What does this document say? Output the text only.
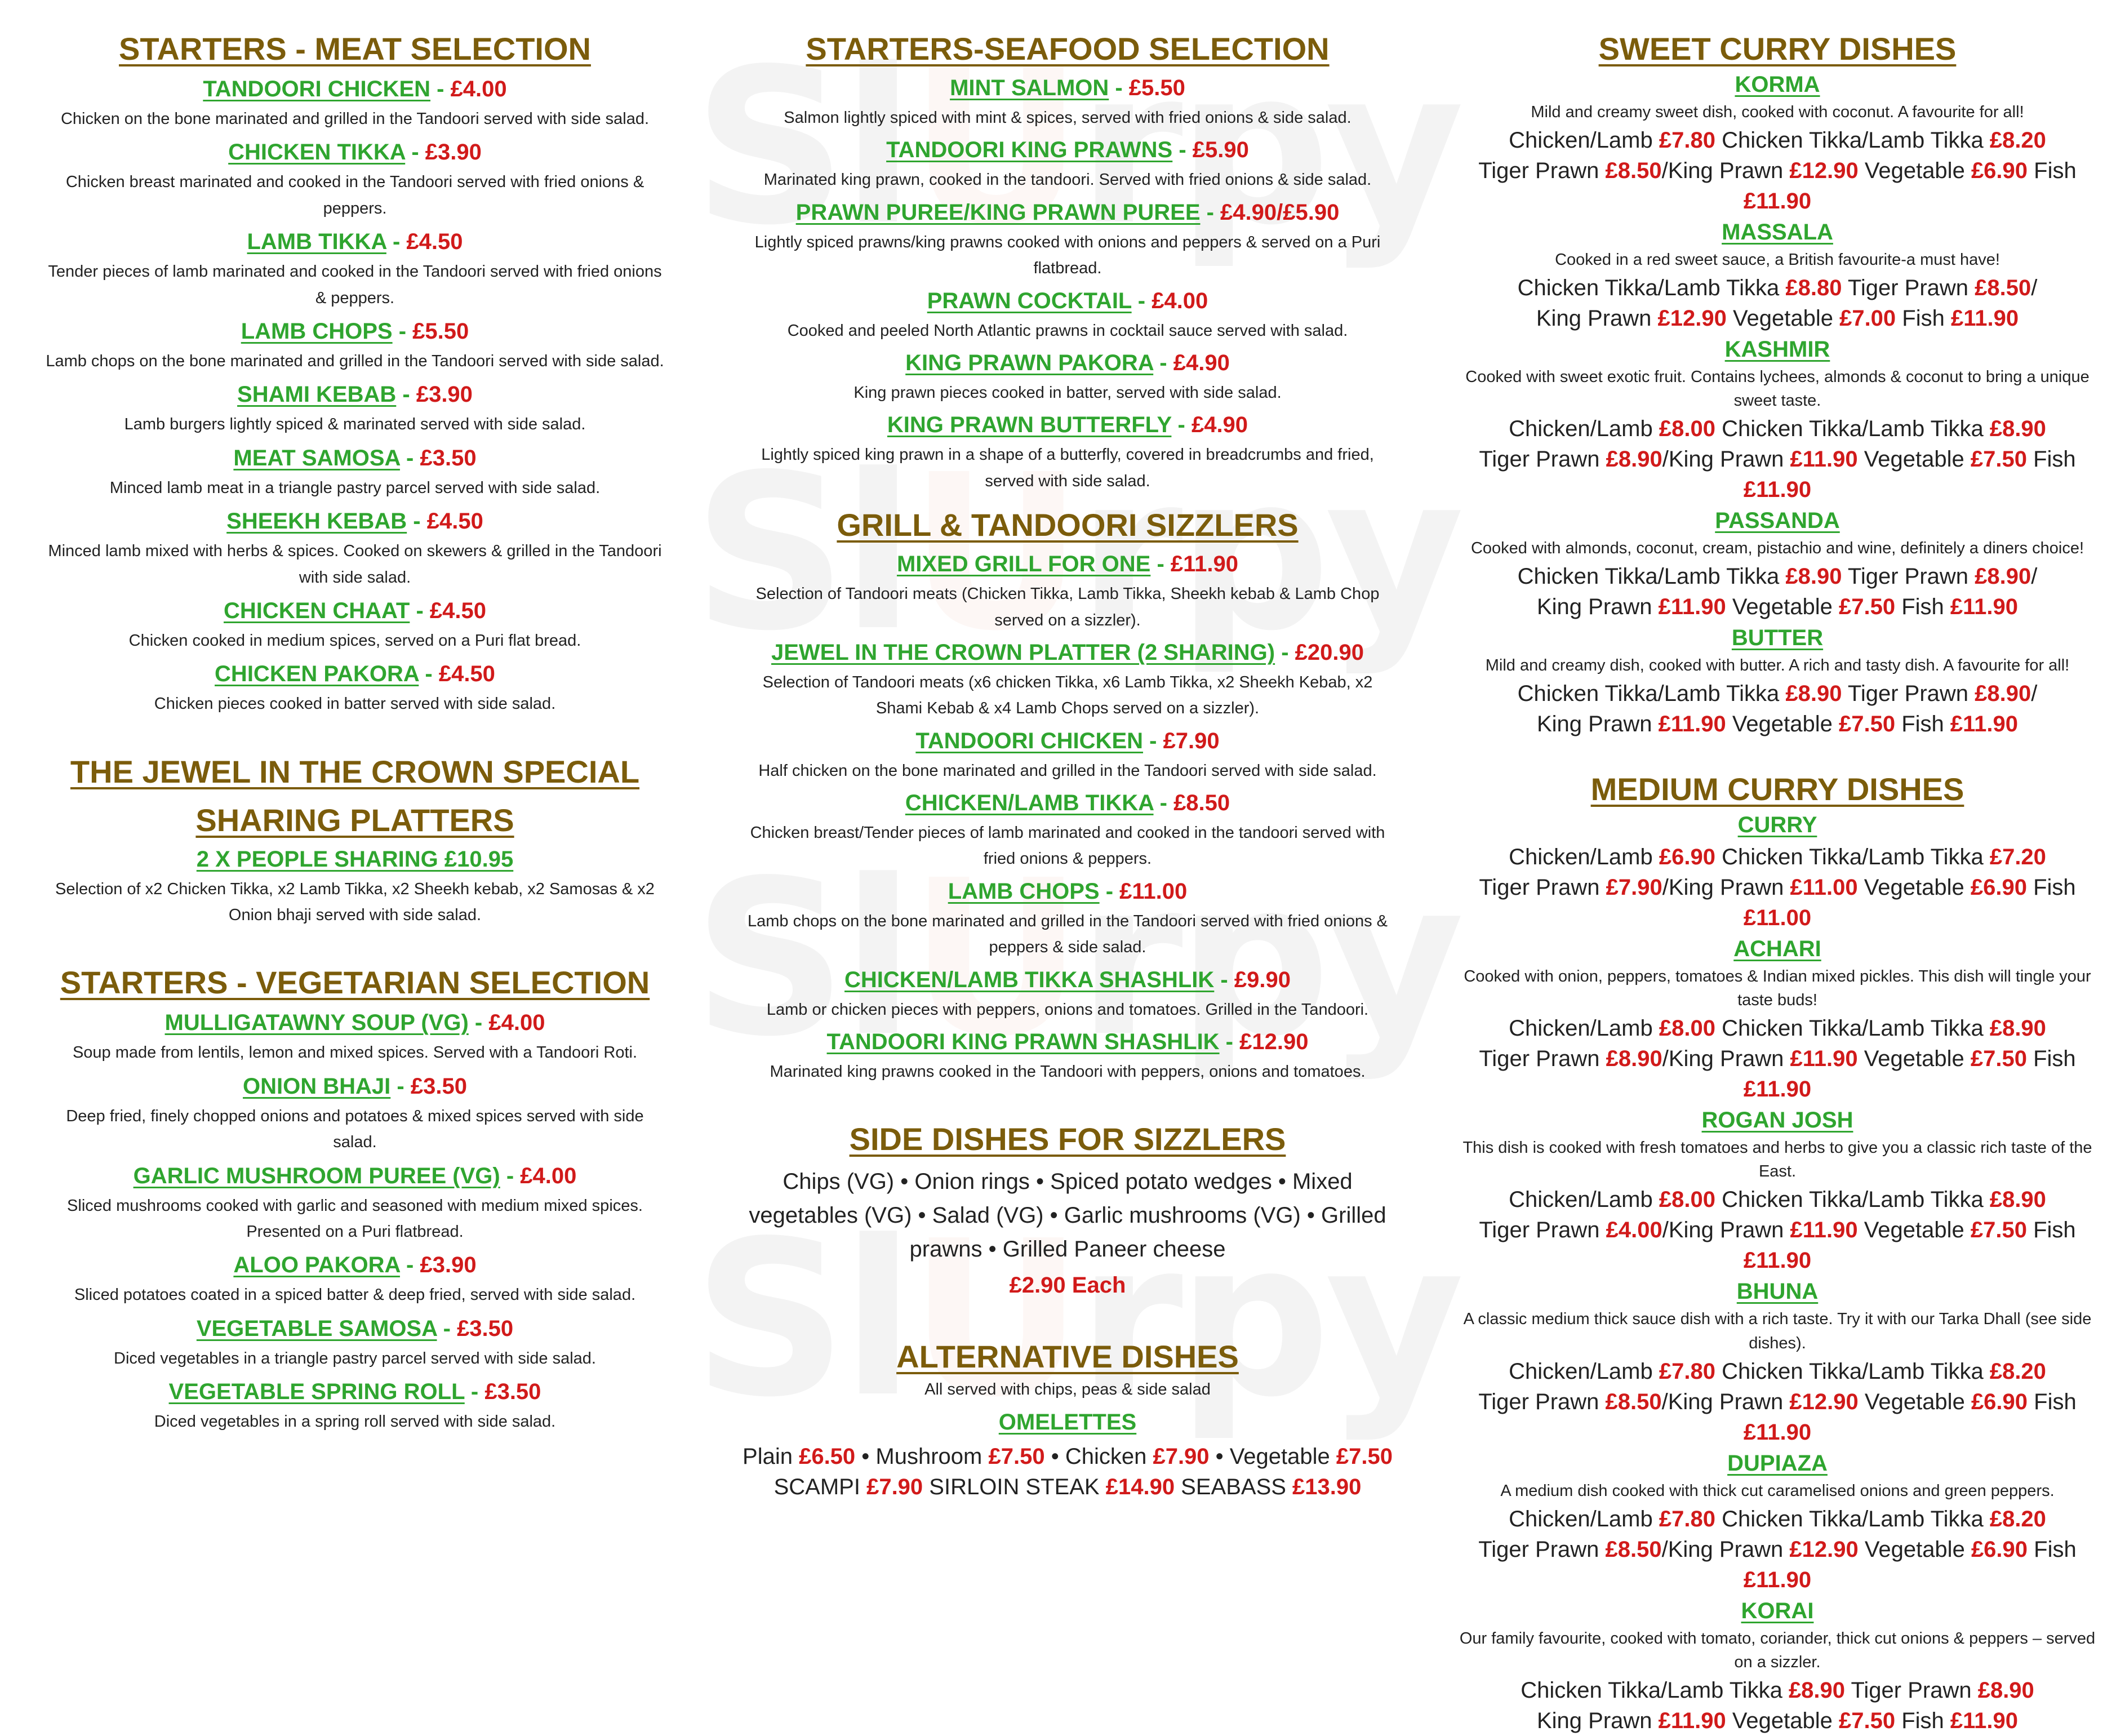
STARTERS - MEAT SELECTION
TANDOORI CHICKEN - £4.00
Chicken on the bone marinated and grilled in the Tandoori served with side salad.
CHICKEN TIKKA - £3.90
Chicken breast marinated and cooked in the Tandoori served with fried onions & peppers.
LAMB TIKKA - £4.50
Tender pieces of lamb marinated and cooked in the Tandoori served with fried onions & peppers.
LAMB CHOPS - £5.50
Lamb chops on the bone marinated and grilled in the Tandoori served with side salad.
SHAMI KEBAB - £3.90
Lamb burgers lightly spiced & marinated served with side salad.
MEAT SAMOSA - £3.50
Minced lamb meat in a triangle pastry parcel served with side salad.
SHEEKH KEBAB - £4.50
Minced lamb mixed with herbs & spices. Cooked on skewers & grilled in the Tandoori with side salad.
CHICKEN CHAAT - £4.50
Chicken cooked in medium spices, served on a Puri flat bread.
CHICKEN PAKORA - £4.50
Chicken pieces cooked in batter served with side salad.
THE JEWEL IN THE CROWN SPECIAL
SHARING PLATTERS
2 X PEOPLE SHARING £10.95
Selection of x2 Chicken Tikka, x2 Lamb Tikka, x2 Sheekh kebab, x2 Samosas & x2 Onion bhaji served with side salad.
STARTERS - VEGETARIAN SELECTION
MULLIGATAWNY SOUP (VG) - £4.00
Soup made from lentils, lemon and mixed spices. Served with a Tandoori Roti.
ONION BHAJI - £3.50
Deep fried, finely chopped onions and potatoes & mixed spices served with side salad.
GARLIC MUSHROOM PUREE (VG) - £4.00
Sliced mushrooms cooked with garlic and seasoned with medium mixed spices. Presented on a Puri flatbread.
ALOO PAKORA - £3.90
Sliced potatoes coated in a spiced batter & deep fried, served with side salad.
VEGETABLE SAMOSA - £3.50
Diced vegetables in a triangle pastry parcel served with side salad.
VEGETABLE SPRING ROLL - £3.50
Diced vegetables in a spring roll served with side salad.
STARTERS-SEAFOOD SELECTION
MINT SALMON - £5.50
Salmon lightly spiced with mint & spices, served with fried onions & side salad.
TANDOORI KING PRAWNS - £5.90
Marinated king prawn, cooked in the tandoori. Served with fried onions & side salad.
PRAWN PUREE/KING PRAWN PUREE - £4.90/£5.90
Lightly spiced prawns/king prawns cooked with onions and peppers & served on a Puri flatbread.
PRAWN COCKTAIL - £4.00
Cooked and peeled North Atlantic prawns in cocktail sauce served with salad.
KING PRAWN PAKORA - £4.90
King prawn pieces cooked in batter, served with side salad.
KING PRAWN BUTTERFLY - £4.90
Lightly spiced king prawn in a shape of a butterfly, covered in breadcrumbs and fried, served with side salad.
GRILL & TANDOORI SIZZLERS
MIXED GRILL FOR ONE - £11.90
Selection of Tandoori meats (Chicken Tikka, Lamb Tikka, Sheekh kebab & Lamb Chop served on a sizzler).
JEWEL IN THE CROWN PLATTER (2 SHARING) - £20.90
Selection of Tandoori meats (x6 chicken Tikka, x6 Lamb Tikka, x2 Sheekh Kebab, x2 Shami Kebab & x4 Lamb Chops served on a sizzler).
TANDOORI CHICKEN - £7.90
Half chicken on the bone marinated and grilled in the Tandoori served with side salad.
CHICKEN/LAMB TIKKA - £8.50
Chicken breast/Tender pieces of lamb marinated and cooked in the tandoori served with fried onions & peppers.
LAMB CHOPS - £11.00
Lamb chops on the bone marinated and grilled in the Tandoori served with fried onions & peppers & side salad.
CHICKEN/LAMB TIKKA SHASHLIK - £9.90
Lamb or chicken pieces with peppers, onions and tomatoes. Grilled in the Tandoori.
TANDOORI KING PRAWN SHASHLIK - £12.90
Marinated king prawns cooked in the Tandoori with peppers, onions and tomatoes.
SIDE DISHES FOR SIZZLERS
Chips (VG) • Onion rings • Spiced potato wedges • Mixed vegetables (VG) • Salad (VG) • Garlic mushrooms (VG) • Grilled prawns • Grilled Paneer cheese
£2.90 Each
ALTERNATIVE DISHES
All served with chips, peas & side salad
OMELETTES
Plain £6.50 • Mushroom £7.50 • Chicken £7.90 • Vegetable £7.50
SCAMPI £7.90 SIRLOIN STEAK £14.90 SEABASS £13.90
SWEET CURRY DISHES
KORMA
Mild and creamy sweet dish, cooked with coconut. A favourite for all!
Chicken/Lamb £7.80 Chicken Tikka/Lamb Tikka £8.20
Tiger Prawn £8.50/King Prawn £12.90 Vegetable £6.90 Fish £11.90
MASSALA
Cooked in a red sweet sauce, a British favourite-a must have!
Chicken Tikka/Lamb Tikka £8.80 Tiger Prawn £8.50/
King Prawn £12.90 Vegetable £7.00 Fish £11.90
KASHMIR
Cooked with sweet exotic fruit. Contains lychees, almonds & coconut to bring a unique sweet taste.
Chicken/Lamb £8.00 Chicken Tikka/Lamb Tikka £8.90
Tiger Prawn £8.90/King Prawn £11.90 Vegetable £7.50 Fish £11.90
PASSANDA
Cooked with almonds, coconut, cream, pistachio and wine, definitely a diners choice!
Chicken Tikka/Lamb Tikka £8.90 Tiger Prawn £8.90/
King Prawn £11.90 Vegetable £7.50 Fish £11.90
BUTTER
Mild and creamy dish, cooked with butter. A rich and tasty dish. A favourite for all!
Chicken Tikka/Lamb Tikka £8.90 Tiger Prawn £8.90/
King Prawn £11.90 Vegetable £7.50 Fish £11.90
MEDIUM CURRY DISHES
CURRY
Chicken/Lamb £6.90 Chicken Tikka/Lamb Tikka £7.20
Tiger Prawn £7.90/King Prawn £11.00 Vegetable £6.90 Fish £11.00
ACHARI
Cooked with onion, peppers, tomatoes & Indian mixed pickles. This dish will tingle your taste buds!
Chicken/Lamb £8.00 Chicken Tikka/Lamb Tikka £8.90
Tiger Prawn £8.90/King Prawn £11.90 Vegetable £7.50 Fish £11.90
ROGAN JOSH
This dish is cooked with fresh tomatoes and herbs to give you a classic rich taste of the East.
Chicken/Lamb £8.00 Chicken Tikka/Lamb Tikka £8.90
Tiger Prawn £4.00/King Prawn £11.90 Vegetable £7.50 Fish £11.90
BHUNA
A classic medium thick sauce dish with a rich taste. Try it with our Tarka Dhall (see side dishes).
Chicken/Lamb £7.80 Chicken Tikka/Lamb Tikka £8.20
Tiger Prawn £8.50/King Prawn £12.90 Vegetable £6.90 Fish £11.90
DUPIAZA
A medium dish cooked with thick cut caramelised onions and green peppers.
Chicken/Lamb £7.80 Chicken Tikka/Lamb Tikka £8.20
Tiger Prawn £8.50/King Prawn £12.90 Vegetable £6.90 Fish £11.90
KORAI
Our family favourite, cooked with tomato, coriander, thick cut onions & peppers – served on a sizzler.
Chicken Tikka/Lamb Tikka £8.90 Tiger Prawn £8.90
King Prawn £11.90 Vegetable £7.50 Fish £11.90
